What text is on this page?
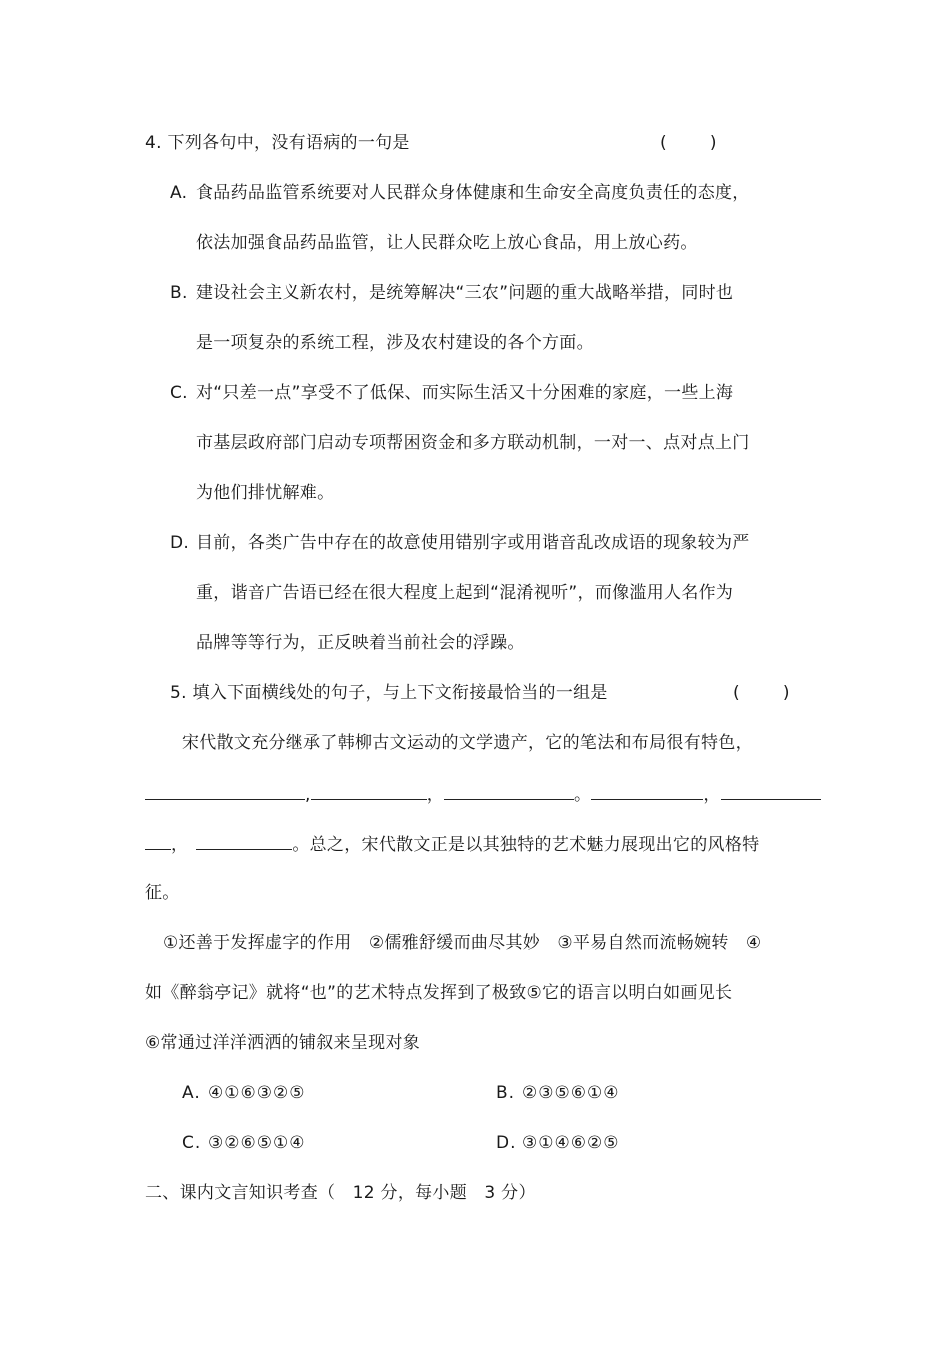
4. 下列各句中，没有语病的一句是	(        )
A. 食品药品监管系统要对人民群众身体健康和生命安全高度负责任的态度，
依法加强食品药品监管，让人民群众吃上放心食品，用上放心药。
B. 建设社会主义新农村，是统筹解决“三农”问题的重大战略举措，同时也
是一项复杂的系统工程，涉及农村建设的各个方面。
C. 对“只差一点”享受不了低保、而实际生活又十分困难的家庭，一些上海
市基层政府部门启动专项帮困资金和多方联动机制，一对一、点对点上门
为他们排忧解难。
D. 目前，各类广告中存在的故意使用错别字或用谐音乱改成语的现象较为严
重，谐音广告语已经在很大程度上起到“混淆视听”，而像滥用人名作为
品牌等等行为，正反映着当前社会的浮躁。
5. 填入下面横线处的句子，与上下文衔接最恰当的一组是	(        )
宋代散文充分继承了韩柳古文运动的文学遗产，它的笔法和布局很有特色，
,	，	。	，
，	。总之，宋代散文正是以其独特的艺术魅力展现出它的风格特
征。
①还善于发挥虚字的作用　②儒雅舒缓而曲尽其妙　③平易自然而流畅婉转　④
如《醉翁亭记》就将“也”的艺术特点发挥到了极致⑤它的语言以明白如画见长
⑥常通过洋洋洒洒的铺叙来呈现对象
A. ④①⑥③②⑤	B. ②③⑤⑥①④
C. ③②⑥⑤①④	D. ③①④⑥②⑤
二、课内文言知识考查（　12 分，每小题　3 分）
